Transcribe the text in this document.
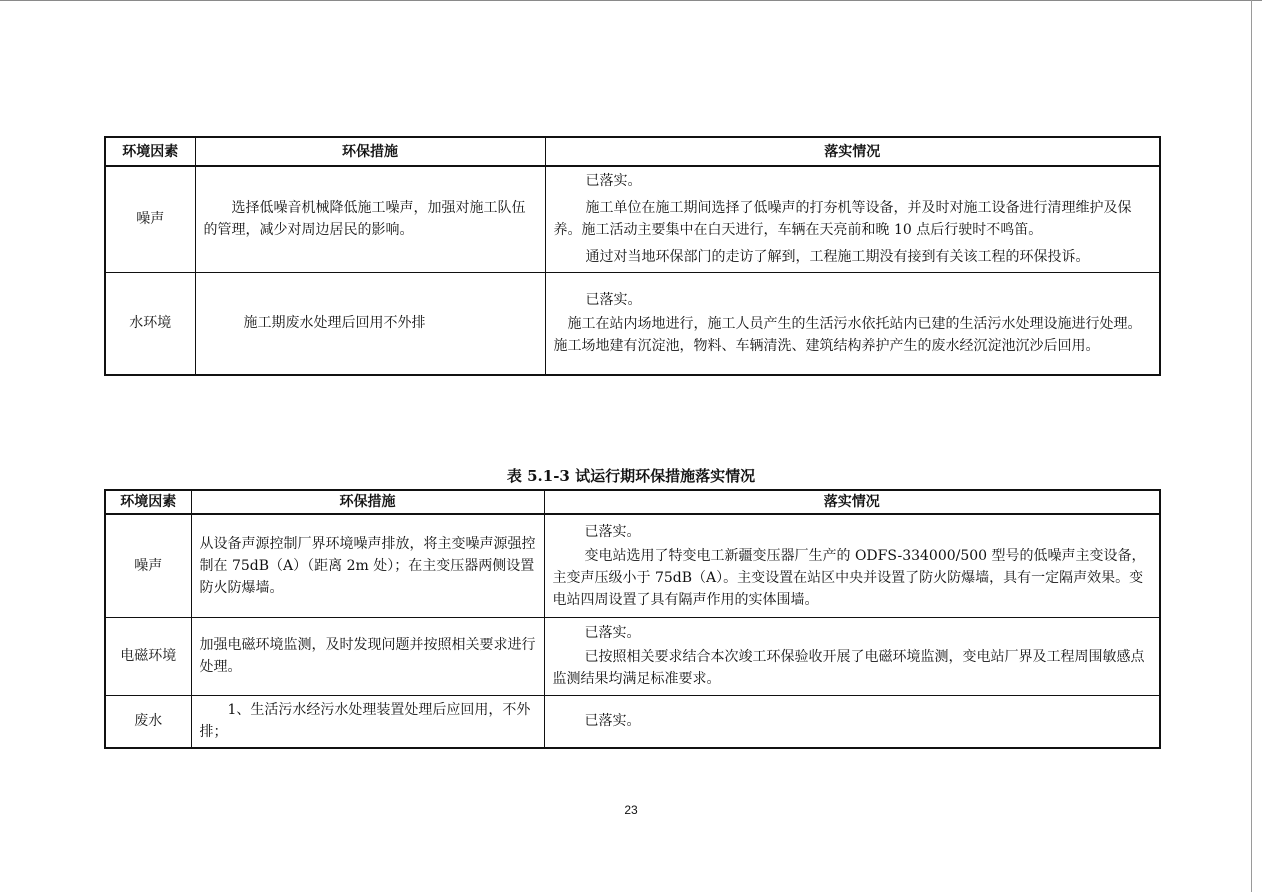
环境因素	环保措施	落实情况
噪声	选择低噪音机械降低施工噪声，加强对施工队伍的管理，减少对周边居民的影响。	已落实。

施工单位在施工期间选择了低噪声的打夯机等设备，并及时对施工设备进行清理维护及保养。施工活动主要集中在白天进行，车辆在天亮前和晚 10 点后行驶时不鸣笛。

通过对当地环保部门的走访了解到，工程施工期没有接到有关该工程的环保投诉。

水环境	施工期废水处理后回用不外排	已落实。

施工在站内场地进行，施工人员产生的生活污水依托站内已建的生活污水处理设施进行处理。施工场地建有沉淀池，物料、车辆清洗、建筑结构养护产生的废水经沉淀池沉沙后回用。

表 5.1-3 试运行期环保措施落实情况
环境因素	环保措施	落实情况
噪声	从设备声源控制厂界环境噪声排放，将主变噪声源强控制在 75dB（A）（距离 2m 处）；在主变压器两侧设置防火防爆墙。	已落实。

变电站选用了特变电工新疆变压器厂生产的 ODFS-334000/500 型号的低噪声主变设备，主变声压级小于 75dB（A）。主变设置在站区中央并设置了防火防爆墙，具有一定隔声效果。变电站四周设置了具有隔声作用的实体围墙。

电磁环境	加强电磁环境监测，及时发现问题并按照相关要求进行处理。	已落实。

已按照相关要求结合本次竣工环保验收开展了电磁环境监测，变电站厂界及工程周围敏感点监测结果均满足标准要求。

废水	1、生活污水经污水处理装置处理后应回用，不外排；	已落实。

23
